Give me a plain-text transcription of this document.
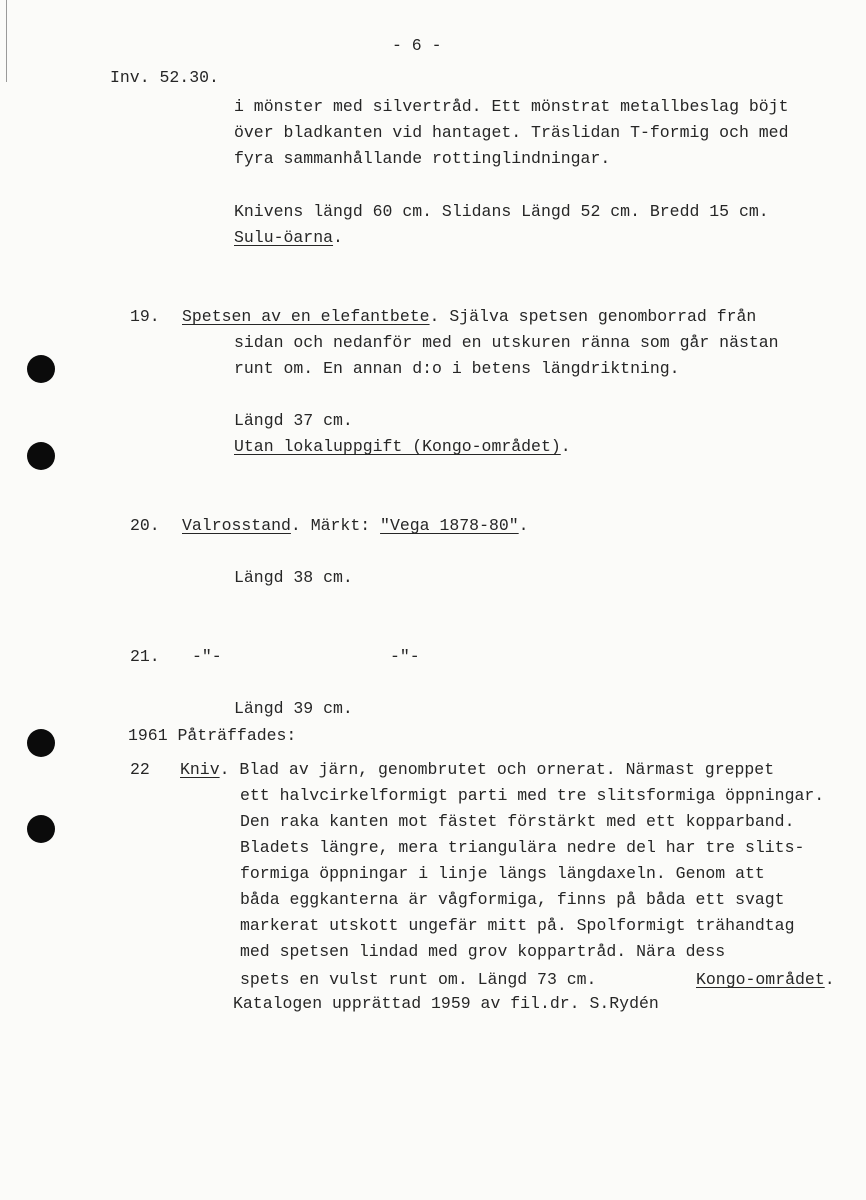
- 6 -
Inv. 52.30.
i mönster med silvertråd. Ett mönstrat metallbeslag böjt
över bladkanten vid hantaget. Träslidan T-formig och med
fyra sammanhållande rottinglindningar.
Knivens längd 60 cm. Slidans Längd 52 cm. Bredd 15 cm.
Sulu-öarna.
19. Spetsen av en elefantbete. Själva spetsen genomborrad från
sidan och nedanför med en utskuren ränna som går nästan
runt om. En annan d:o i betens längdriktning.
Längd 37 cm.
Utan lokaluppgift (Kongo-området).
20. Valrosstand. Märkt: "Vega 1878-80".
Längd 38 cm.
21. -"-	-"-
Längd 39 cm.
1961 Påträffades:
22 Kniv. Blad av järn, genombrutet och ornerat. Närmast greppet
ett halvcirkelformigt parti med tre slitsformiga öppningar.
Den raka kanten mot fästet förstärkt med ett kopparband.
Bladets längre, mera triangulära nedre del har tre slits-
formiga öppningar i linje längs längdaxeln. Genom att
båda eggkanterna är vågformiga, finns på båda ett svagt
markerat utskott ungefär mitt på. Spolformigt trähandtag
med spetsen lindad med grov koppartråd. Nära dess
spets en vulst runt om. Längd 73 cm.	Kongo-området.
Katalogen upprättad 1959 av fil.dr. S.Rydén
